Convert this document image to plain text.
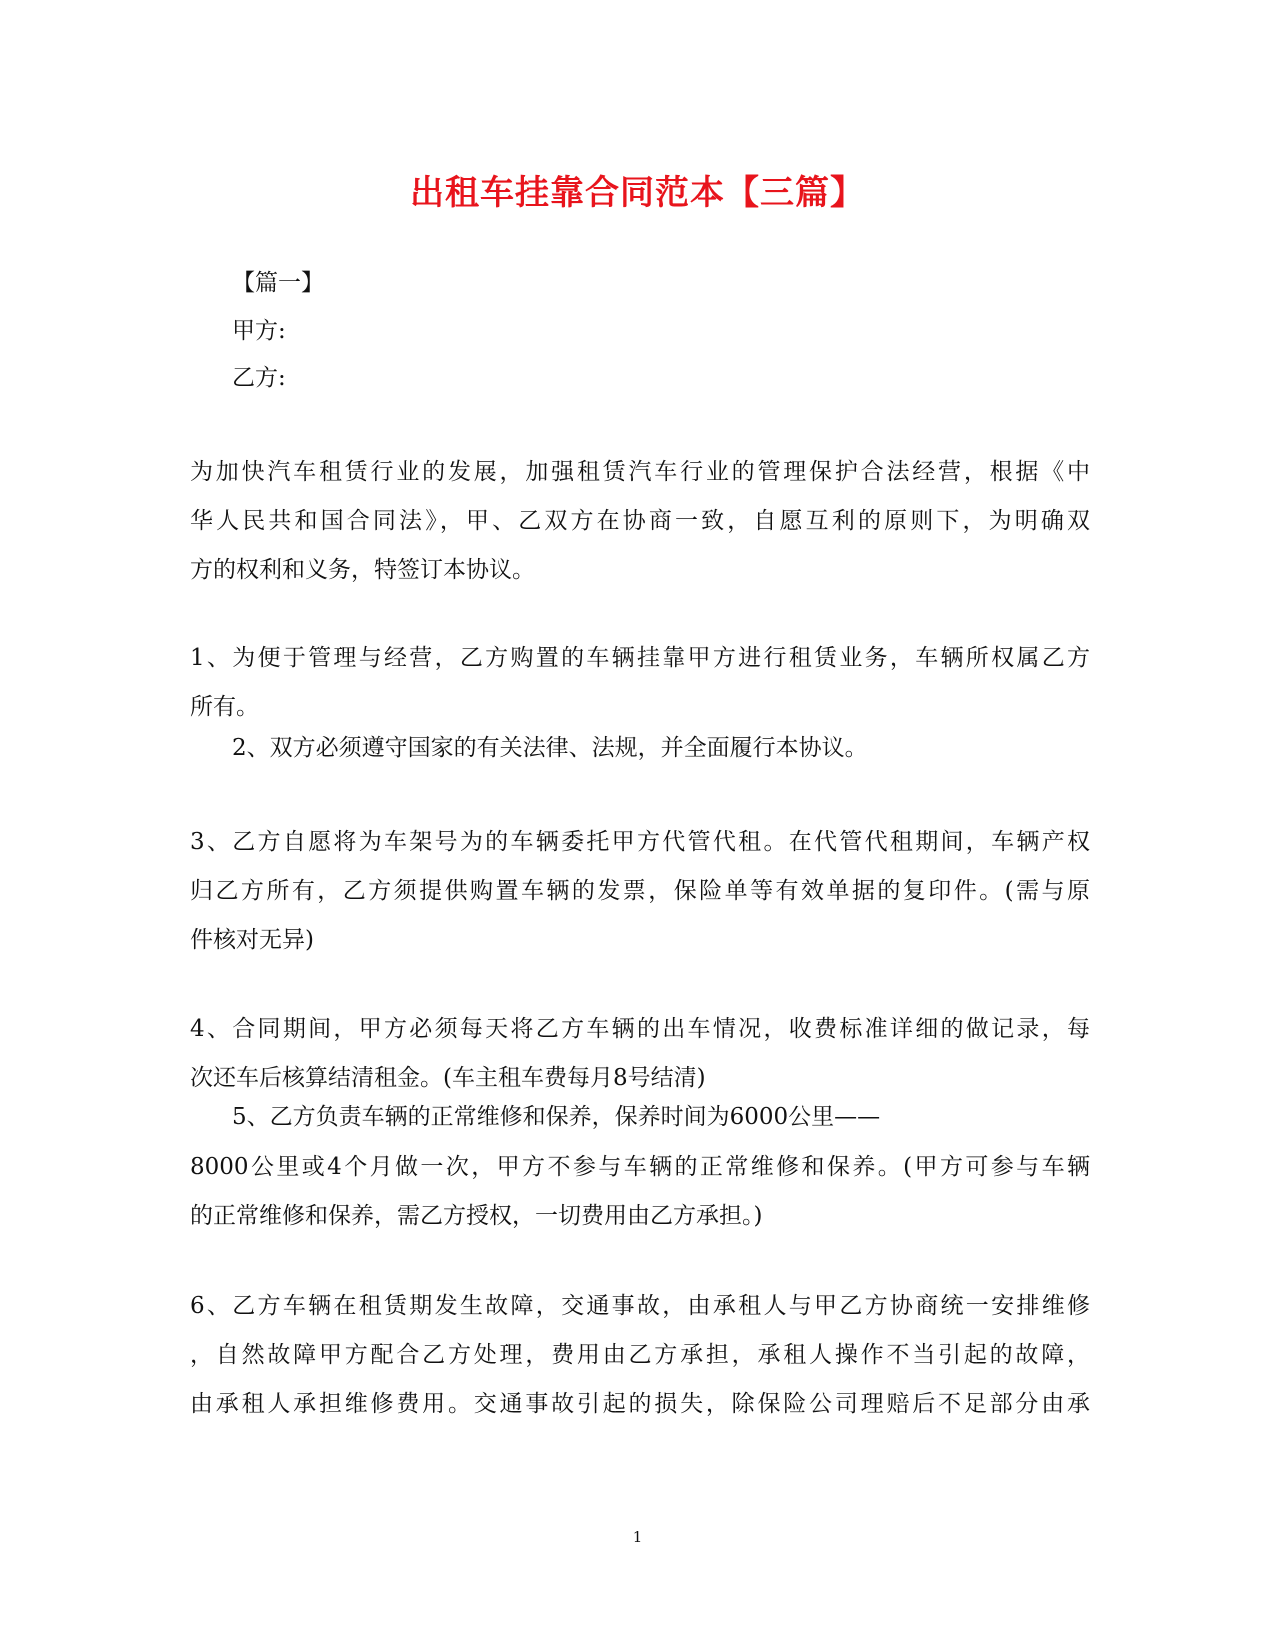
出租车挂靠合同范本【三篇】
【篇一】
甲方:
乙方:
为加快汽车租赁行业的发展，加强租赁汽车行业的管理保护合法经营，根据《中
华人民共和国合同法》，甲、乙双方在协商一致，自愿互利的原则下，为明确双
方的权利和义务，特签订本协议。
1、为便于管理与经营，乙方购置的车辆挂靠甲方进行租赁业务，车辆所权属乙方
所有。
2、双方必须遵守国家的有关法律、法规，并全面履行本协议。
3、乙方自愿将为车架号为的车辆委托甲方代管代租。在代管代租期间，车辆产权
归乙方所有，乙方须提供购置车辆的发票，保险单等有效单据的复印件。(需与原
件核对无异)
4、合同期间，甲方必须每天将乙方车辆的出车情况，收费标准详细的做记录，每
次还车后核算结清租金。(车主租车费每月8号结清)
5、乙方负责车辆的正常维修和保养，保养时间为6000公里——
8000公里或4个月做一次，甲方不参与车辆的正常维修和保养。(甲方可参与车辆
的正常维修和保养，需乙方授权，一切费用由乙方承担。)
6、乙方车辆在租赁期发生故障，交通事故，由承租人与甲乙方协商统一安排维修
，自然故障甲方配合乙方处理，费用由乙方承担，承租人操作不当引起的故障，
由承租人承担维修费用。交通事故引起的损失，除保险公司理赔后不足部分由承
1
